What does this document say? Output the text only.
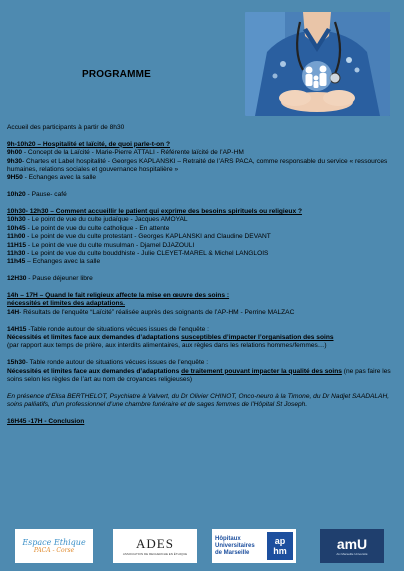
PROGRAMME

Accueil des participants à partir de 8h30

9h-10h20 – Hospitalité et laïcité, de quoi parle-t-on ?

9h00 - Concept de la Laïcité - Marie-Pierre ATTALI - Référente laïcité de l’AP-HM

9h30- Chartes et Label hospitalité - Georges KAPLANSKI – Retraité de l’ARS PACA, comme responsable du service « ressources humaines, relations sociales et gouvernance hospitalière »

9H50 - Echanges avec la salle

10h20 - Pause- café

10h30- 12h30 – Comment accueillir le patient qui exprime des besoins spirituels ou religieux ?

10h30 - Le point de vue du culte judaïque - Jacques AMOYAL

10h45 - Le point de vue du culte catholique - En attente

11h00 - Le point de vue du culte protestant - Georges KAPLANSKI and Claudine DEVANT

11H15 - Le point de vue du culte musulman - Djamel DJAZOULI

11h30 - Le point de vue du culte bouddhiste - Julie CLEYET-MAREL & Michel LANGLOIS

11h45 – Echanges avec la salle

12H30 - Pause déjeuner libre

14h – 17H – Quand le fait religieux affecte la mise en œuvre des soins :

nécessités et limites des adaptations.

14H- Résultats de l’enquête “Laïcité” réalisée auprès des soignants de l’AP-HM - Perrine MALZAC

14H15 -Table ronde autour de situations vécues issues de l’enquête :

Nécessités et limites face aux demandes d’adaptations susceptibles d’impacter l’organisation des soins

(par rapport aux temps de prière, aux interdits alimentaires, aux règles dans les relations hommes/femmes…)

15h30- Table ronde autour de situations vécues issues de l’enquête :

Nécessités et limites face aux demandes d’adaptations de traitement pouvant impacter la qualité des soins (ne pas faire les soins selon les règles de l’art au nom de croyances religieuses)

En présence d’Elisa BERTHELOT, Psychiatre à Valvert, du Dr Olivier CHINOT, Onco-neuro à la Timone, du Dr Nadjet SAADALAH, soins palliatifs, d’un professionnel d’une chambre funéraire et de sages femmes de l’Hôpital St Joseph.

16H45 -17H - Conclusion

Espace Ethique
PACA - Corse	ADES
ASSOCIATION DE RECHERCHE EN ÉTHIQUE
Hôpitaux
Universitaires
de Marseille
ap
hm	amU
Aix Marseille Université
